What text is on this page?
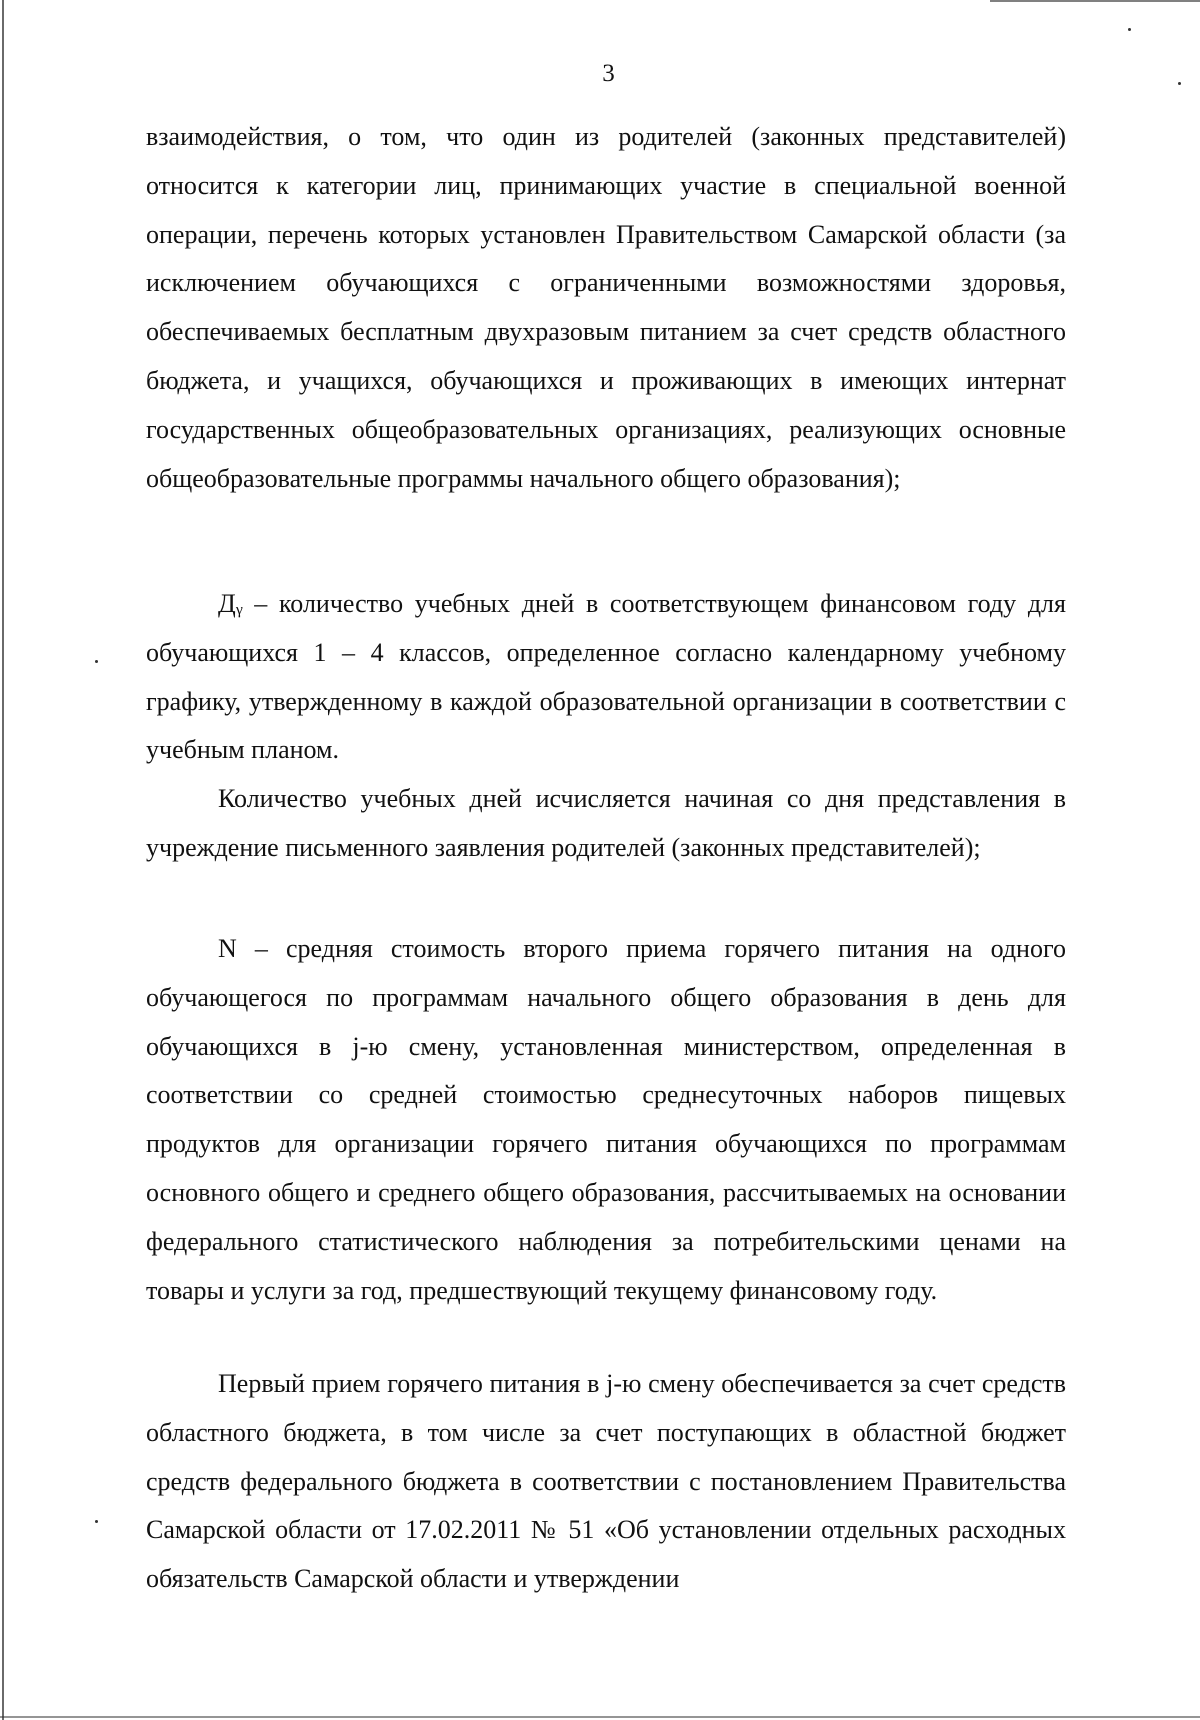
3

взаимодействия, о том, что один из родителей (законных представителей) относится к категории лиц, принимающих участие в специальной военной операции, перечень которых установлен Правительством Самарской области (за исключением обучающихся с ограниченными возможностями здоровья, обеспечиваемых бесплатным двухразовым питанием за счет средств областного бюджета, и учащихся, обучающихся и проживающих в имеющих интернат государственных общеобразовательных организациях, реализующих основные общеобразовательные программы начального общего образования);

Дᵧ – количество учебных дней в соответствующем финансовом году для обучающихся 1 – 4 классов, определенное согласно календарному учебному графику, утвержденному в каждой образовательной организации в соответствии с учебным планом.

Количество учебных дней исчисляется начиная со дня представления в учреждение письменного заявления родителей (законных представителей);

N – средняя стоимость второго приема горячего питания на одного обучающегося по программам начального общего образования в день для обучающихся в j-ю смену, установленная министерством, определенная в соответствии со средней стоимостью среднесуточных наборов пищевых продуктов для организации горячего питания обучающихся по программам основного общего и среднего общего образования, рассчитываемых на основании федерального статистического наблюдения за потребительскими ценами на товары и услуги за год, предшествующий текущему финансовому году.

Первый прием горячего питания в j-ю смену обеспечивается за счет средств областного бюджета, в том числе за счет поступающих в областной бюджет средств федерального бюджета в соответствии с постановлением Правительства Самарской области от 17.02.2011 № 51 «Об установлении отдельных расходных обязательств Самарской области и утверждении
